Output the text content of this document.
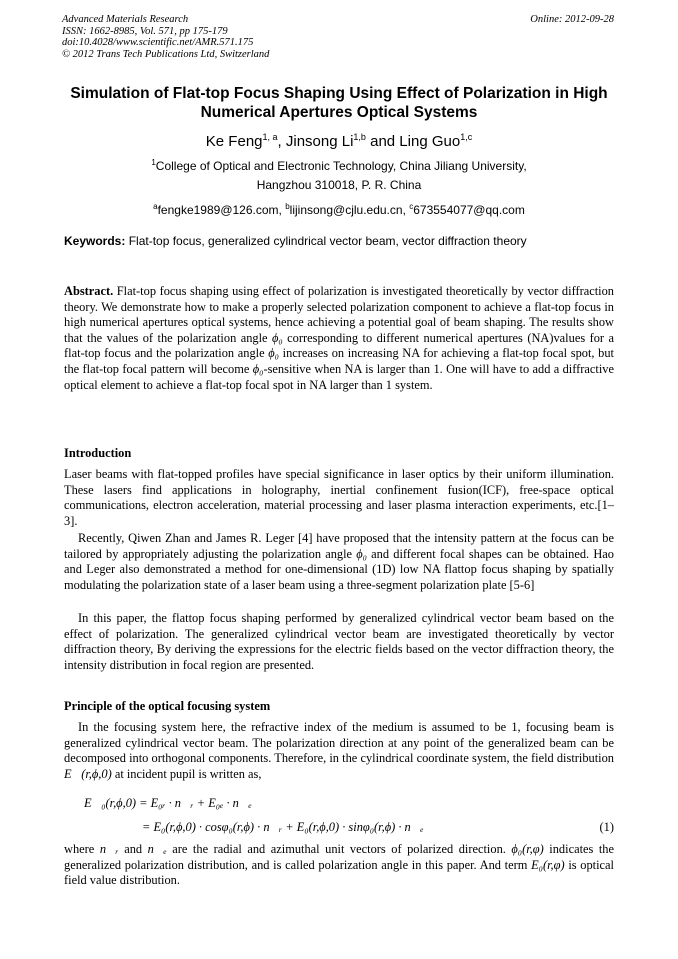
Advanced Materials Research
ISSN: 1662-8985, Vol. 571, pp 175-179
doi:10.4028/www.scientific.net/AMR.571.175
© 2012 Trans Tech Publications Ltd, Switzerland
Online: 2012-09-28
Simulation of Flat-top Focus Shaping Using Effect of Polarization in High
Numerical Apertures Optical Systems
Ke Feng$^{1, a}$, Jinsong Li$^{1,b}$ and Ling Guo$^{1,c}$
$^1$College of Optical and Electronic Technology, China Jiliang University,
Hangzhou 310018, P. R. China
$^a$fengke1989@126.com, $^b$lijinsong@cjlu.edu.cn, $^c$673554077@qq.com
Keywords: Flat-top focus, generalized cylindrical vector beam, vector diffraction theory
Abstract. Flat-top focus shaping using effect of polarization is investigated theoretically by vector diffraction theory. We demonstrate how to make a properly selected polarization component to achieve a flat-top focus in high numerical apertures optical systems, hence achieving a potential goal of beam shaping. The results show that the values of the polarization angle ϕ₀ corresponding to different numerical apertures (NA)values for a flat-top focus and the polarization angle ϕ₀ increases on increasing NA for achieving a flat-top focal spot, but the flat-top focal pattern will become ϕ₀-sensitive when NA is larger than 1. One will have to add a diffractive optical element to achieve a flat-top focal spot in NA larger than 1 system.
Introduction
Laser beams with flat-topped profiles have special significance in laser optics by their uniform illumination. These lasers find applications in holography, inertial confinement fusion(ICF), free-space optical communications, electron acceleration, material processing and laser plasma interaction experiments, etc.[1–3].
Recently, Qiwen Zhan and James R. Leger [4] have proposed that the intensity pattern at the focus can be tailored by appropriately adjusting the polarization angle ϕ₀ and different focal shapes can be obtained. Hao and Leger also demonstrated a method for one-dimensional (1D) low NA flattop focus shaping by spatially modulating the polarization state of a laser beam using a three-segment polarization plate [5-6]
In this paper, the flattop focus shaping performed by generalized cylindrical vector beam based on the effect of polarization. The generalized cylindrical vector beam are investigated theoretically by vector diffraction theory, By deriving the expressions for the electric fields based on the vector diffraction theory, the intensity distribution in focal region are presented.
Principle of the optical focusing system
In the focusing system here, the refractive index of the medium is assumed to be 1, focusing beam is generalized cylindrical vector beam. The polarization direction at any point of the generalized beam can be decomposed into orthogonal components. Therefore, in the cylindrical coordinate system, the field distribution E⃗(r,ϕ,0) at incident pupil is written as,
E⃗₀(r,ϕ,0) = E₀ᵣ · n⃗ᵣ + E₀ₑ · n⃗ₑ
= E₀(r,ϕ,0) · cosφ₀(r,ϕ) · n⃗ᵣ + E₀(r,ϕ,0) · sinφ₀(r,ϕ) · n⃗ₑ	(1)
where n⃗ᵣ and n⃗ₑ are the radial and azimuthal unit vectors of polarized direction. ϕ₀(r,φ) indicates the generalized polarization distribution, and is called polarization angle in this paper. And term E₀(r,φ) is optical field value distribution.
